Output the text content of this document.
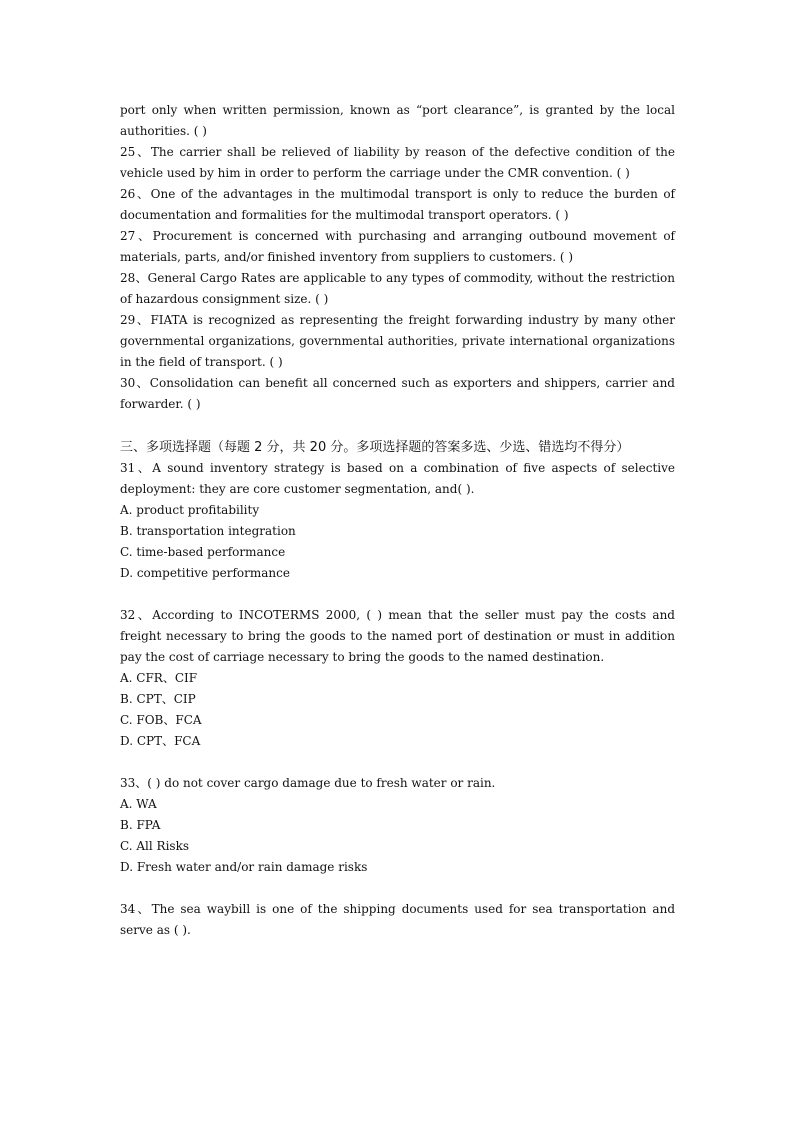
port only when written permission, known as “port clearance”, is granted by the local authorities. ( )

25、The carrier shall be relieved of liability by reason of the defective condition of the vehicle used by him in order to perform the carriage under the CMR convention. ( )

26、One of the advantages in the multimodal transport is only to reduce the burden of documentation and formalities for the multimodal transport operators. ( )

27、Procurement is concerned with purchasing and arranging outbound movement of materials, parts, and/or finished inventory from suppliers to customers. ( )

28、General Cargo Rates are applicable to any types of commodity, without the restriction of hazardous consignment size. ( )

29、FIATA is recognized as representing the freight forwarding industry by many other governmental organizations, governmental authorities, private international organizations in the field of transport. ( )

30、Consolidation can benefit all concerned such as exporters and shippers, carrier and forwarder. ( )

三、多项选择题（每题 2 分，共 20 分。多项选择题的答案多选、少选、错选均不得分）

31、A sound inventory strategy is based on a combination of five aspects of selective deployment: they are core customer segmentation, and( ).

A. product profitability

B. transportation integration

C. time-based performance

D. competitive performance

32、According to INCOTERMS 2000, ( ) mean that the seller must pay the costs and freight necessary to bring the goods to the named port of destination or must in addition pay the cost of carriage necessary to bring the goods to the named destination.

A. CFR、CIF

B. CPT、CIP

C. FOB、FCA

D. CPT、FCA

33、( ) do not cover cargo damage due to fresh water or rain.

A. WA

B. FPA

C. All Risks

D. Fresh water and/or rain damage risks

34、The sea waybill is one of the shipping documents used for sea transportation and serve as ( ).
